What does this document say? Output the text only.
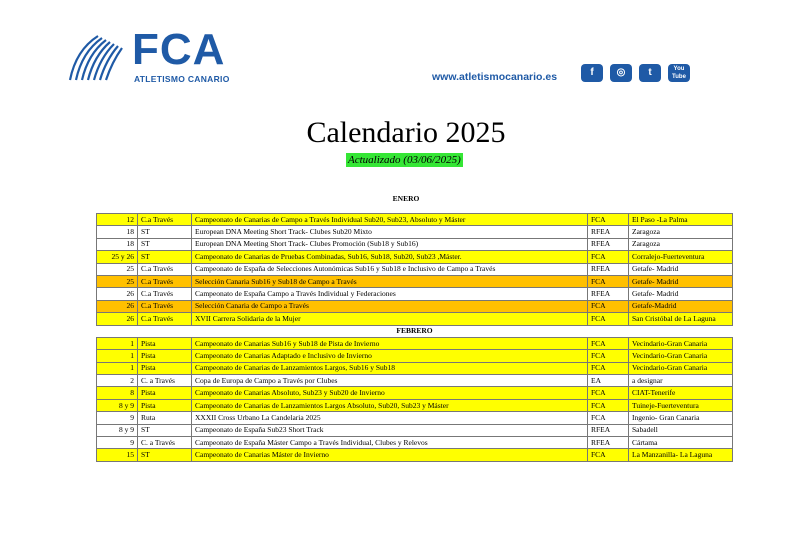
FCA
ATLETISMO CANARIO	www.atletismocanario.es	f	◎	t	You Tube
Calendario 2025
Actualizado (03/06/2025)
ENERO
12	C.a Través	Campeonato de Canarias de Campo a Través Individual Sub20, Sub23, Absoluto y Máster	FCA	El Paso -La Palma
18	ST	European DNA Meeting Short Track- Clubes Sub20 Mixto	RFEA	Zaragoza
18	ST	European DNA Meeting Short Track- Clubes Promoción (Sub18 y Sub16)	RFEA	Zaragoza
25 y 26	ST	Campeonato de Canarias de Pruebas Combinadas, Sub16, Sub18, Sub20, Sub23 ,Máster.	FCA	Corralejo-Fuerteventura
25	C.a Través	Campeonato de España de Selecciones Autonómicas Sub16 y Sub18 e Inclusivo de Campo a Través	RFEA	Getafe- Madrid
25	C.a Través	Selección Canaria Sub16 y Sub18 de Campo a Través	FCA	Getafe- Madrid
26	C.a Través	Campeonato de España Campo a Través Individual y Federaciones	RFEA	Getafe- Madrid
26	C.a Través	Selección Canaria de Campo a Través	FCA	Getafe-Madrid
26	C.a Través	XVII Carrera Solidaria de la Mujer	FCA	San Cristóbal de La Laguna
FEBRERO				
1	Pista	Campeonato de Canarias Sub16 y Sub18 de Pista de Invierno	FCA	Vecindario-Gran Canaria
1	Pista	Campeonato de Canarias Adaptado e Inclusivo de Invierno	FCA	Vecindario-Gran Canaria
1	Pista	Campeonato de Canarias de Lanzamientos Largos, Sub16 y Sub18	FCA	Vecindario-Gran Canaria
2	C. a Través	Copa de Europa de Campo a Través por Clubes	EA	a designar
8	Pista	Campeonato de Canarias Absoluto, Sub23 y Sub20 de Invierno	FCA	CIAT-Tenerife
8 y 9	Pista	Campeonato de Canarias de Lanzamientos Largos Absoluto, Sub20, Sub23 y Máster	FCA	Tuineje-Fuerteventura
9	Ruta	XXXII Cross Urbano La Candelaria 2025	FCA	Ingenio- Gran Canaria
8 y 9	ST	Campeonato de España Sub23 Short Track	RFEA	Sabadell
9	C. a Través	Campeonato de España Máster Campo a Través Individual, Clubes y Relevos	RFEA	Cártama
15	ST	Campeonato de Canarias Máster de Invierno	FCA	La Manzanilla- La Laguna
